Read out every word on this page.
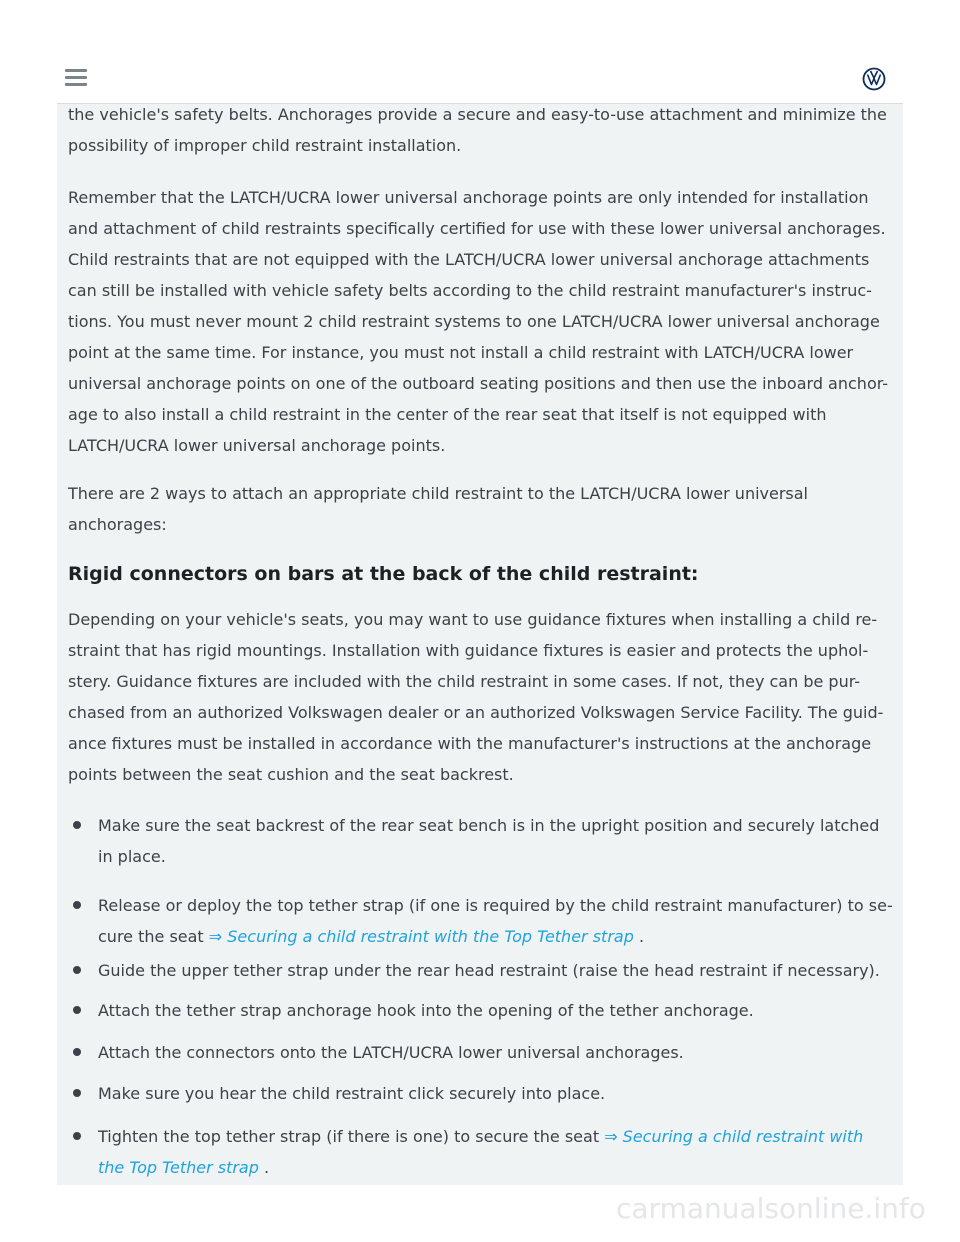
the vehicle's safety belts. Anchorages provide a secure and easy-to-use attachment and minimize the
possibility of improper child restraint installation.
Remember that the LATCH/UCRA lower universal anchorage points are only intended for installation
and attachment of child restraints specifically certified for use with these lower universal anchorages.
Child restraints that are not equipped with the LATCH/UCRA lower universal anchorage attachments
can still be installed with vehicle safety belts according to the child restraint manufacturer's instruc-
tions. You must never mount 2 child restraint systems to one LATCH/UCRA lower universal anchorage
point at the same time. For instance, you must not install a child restraint with LATCH/UCRA lower
universal anchorage points on one of the outboard seating positions and then use the inboard anchor-
age to also install a child restraint in the center of the rear seat that itself is not equipped with
LATCH/UCRA lower universal anchorage points.
There are 2 ways to attach an appropriate child restraint to the LATCH/UCRA lower universal
anchorages:
Rigid connectors on bars at the back of the child restraint:
Depending on your vehicle's seats, you may want to use guidance fixtures when installing a child re-
straint that has rigid mountings. Installation with guidance fixtures is easier and protects the uphol-
stery. Guidance fixtures are included with the child restraint in some cases. If not, they can be pur-
chased from an authorized Volkswagen dealer or an authorized Volkswagen Service Facility. The guid-
ance fixtures must be installed in accordance with the manufacturer's instructions at the anchorage
points between the seat cushion and the seat backrest.
Make sure the seat backrest of the rear seat bench is in the upright position and securely latched
in place.
Release or deploy the top tether strap (if one is required by the child restraint manufacturer) to se-
cure the seat ⇒ Securing a child restraint with the Top Tether strap .
Guide the upper tether strap under the rear head restraint (raise the head restraint if necessary).
Attach the tether strap anchorage hook into the opening of the tether anchorage.
Attach the connectors onto the LATCH/UCRA lower universal anchorages.
Make sure you hear the child restraint click securely into place.
Tighten the top tether strap (if there is one) to secure the seat ⇒ Securing a child restraint with
the Top Tether strap .
carmanualsonline.info
